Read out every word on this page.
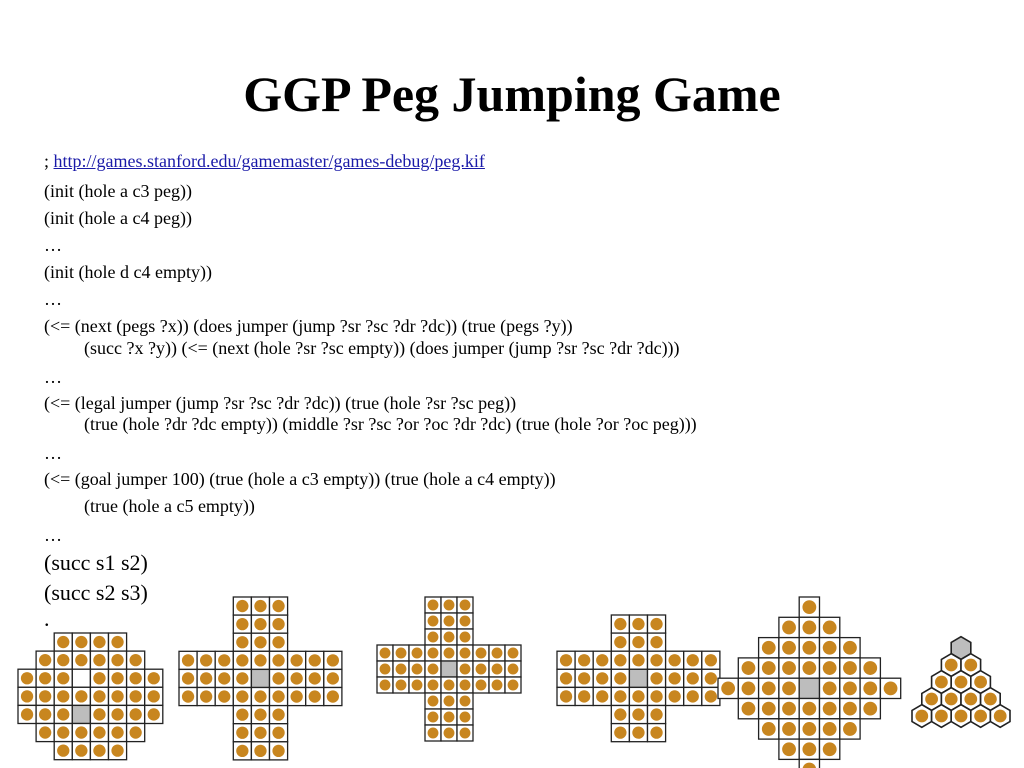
GGP Peg Jumping Game
; http://games.stanford.edu/gamemaster/games-debug/peg.kif
(init (hole a c3 peg))
(init (hole a c4 peg))
…
(init (hole d c4 empty))
…
(<= (next (pegs ?x)) (does jumper (jump ?sr ?sc ?dr ?dc)) (true (pegs ?y))
(succ ?x ?y)) (<= (next (hole ?sr ?sc empty)) (does jumper (jump ?sr ?sc ?dr ?dc)))
…
(<= (legal jumper (jump ?sr ?sc ?dr ?dc)) (true (hole ?sr ?sc peg))
(true (hole ?dr ?dc empty)) (middle ?sr ?sc ?or ?oc ?dr ?dc) (true (hole ?or ?oc peg)))
…
(<= (goal jumper 100) (true (hole a c3 empty)) (true (hole a c4 empty))
(true (hole a c5 empty))
…
(succ s1 s2)
(succ s2 s3)
.
